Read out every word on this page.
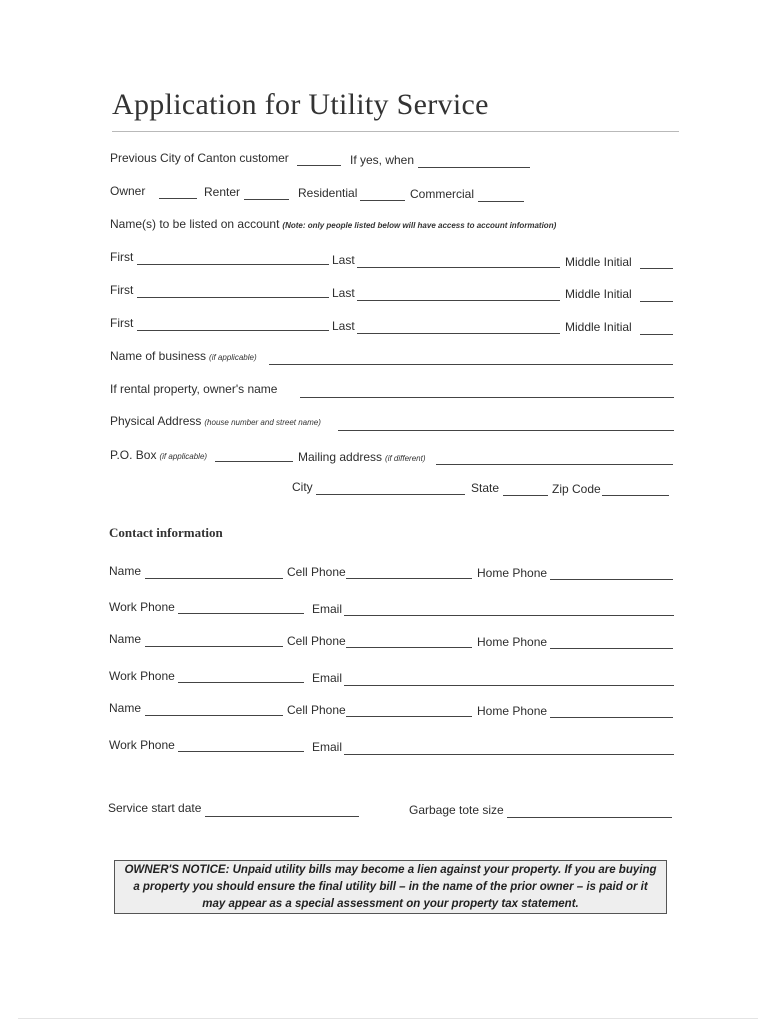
Application for Utility Service
Previous City of Canton customer	If yes, when
Owner	Renter	Residential	Commercial
Name(s) to be listed on account (Note: only people listed below will have access to account information)
First	Last	Middle Initial
First	Last	Middle Initial
First	Last	Middle Initial
Name of business (if applicable)
If rental property, owner's name
Physical Address (house number and street name)
P.O. Box (if applicable)	Mailing address (if different)
City	State	Zip Code
Contact information
Name	Cell Phone	Home Phone
Work Phone	Email
Name	Cell Phone	Home Phone
Work Phone	Email
Name	Cell Phone	Home Phone
Work Phone	Email
Service start date	Garbage tote size
OWNER'S NOTICE: Unpaid utility bills may become a lien against your property. If you are buying a property you should ensure the final utility bill – in the name of the prior owner – is paid or it may appear as a special assessment on your property tax statement.
